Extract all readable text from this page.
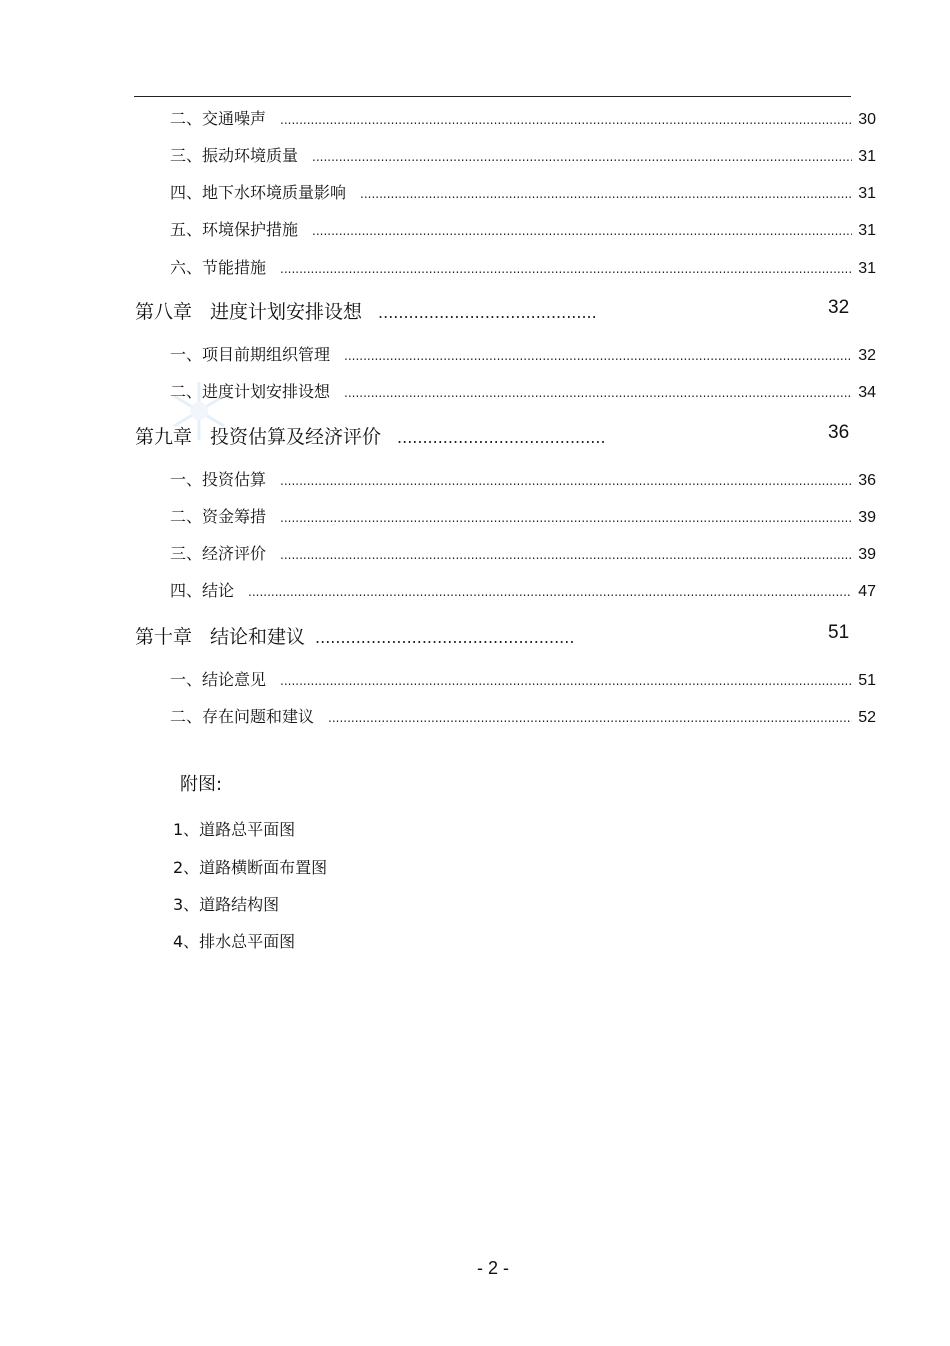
二、交通噪声 .....	30
三、振动环境质量 .....	31
四、地下水环境质量影响 .....	31
五、环境保护措施 .....	31
六、节能措施 .....	31
第八章 进度计划安排设想 .....	32
一、项目前期组织管理 .....	32
二、进度计划安排设想 .....	34
第九章 投资估算及经济评价 .....	36
一、投资估算 .....	36
二、资金筹措 .....	39
三、经济评价 .....	39
四、结论 .....	47
第十章 结论和建议 .....	51
一、结论意见 .....	51
二、存在问题和建议 .....	52
附图:
1、道路总平面图
2、道路横断面布置图
3、道路结构图
4、排水总平面图
- 2 -
